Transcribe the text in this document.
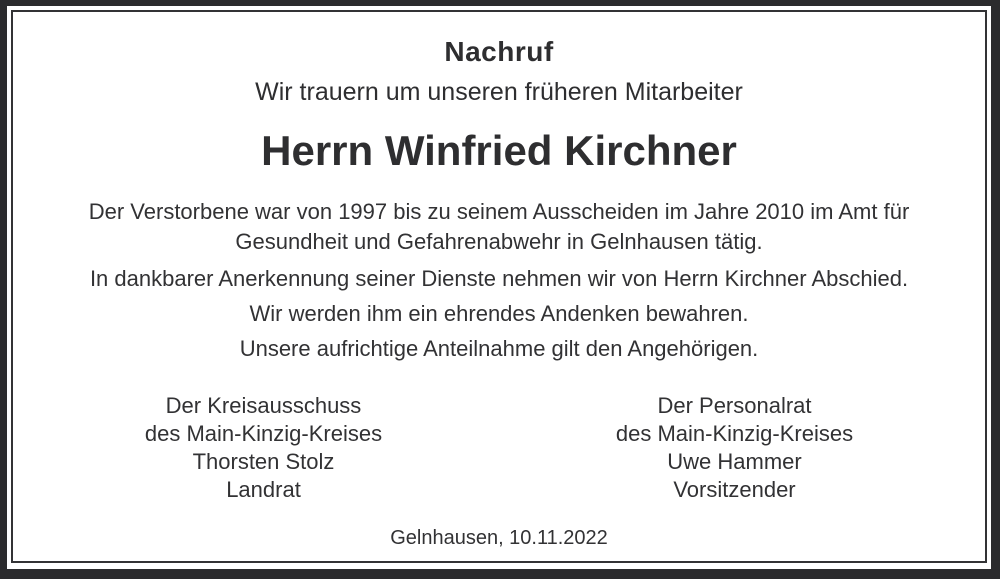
Nachruf
Wir trauern um unseren früheren Mitarbeiter
Herrn Winfried Kirchner
Der Verstorbene war von 1997 bis zu seinem Ausscheiden im Jahre 2010 im Amt für
Gesundheit und Gefahrenabwehr in Gelnhausen tätig.
In dankbarer Anerkennung seiner Dienste nehmen wir von Herrn Kirchner Abschied.
Wir werden ihm ein ehrendes Andenken bewahren.
Unsere aufrichtige Anteilnahme gilt den Angehörigen.
Der Kreisausschuss
des Main-Kinzig-Kreises
Thorsten Stolz
Landrat
Der Personalrat
des Main-Kinzig-Kreises
Uwe Hammer
Vorsitzender
Gelnhausen, 10.11.2022
